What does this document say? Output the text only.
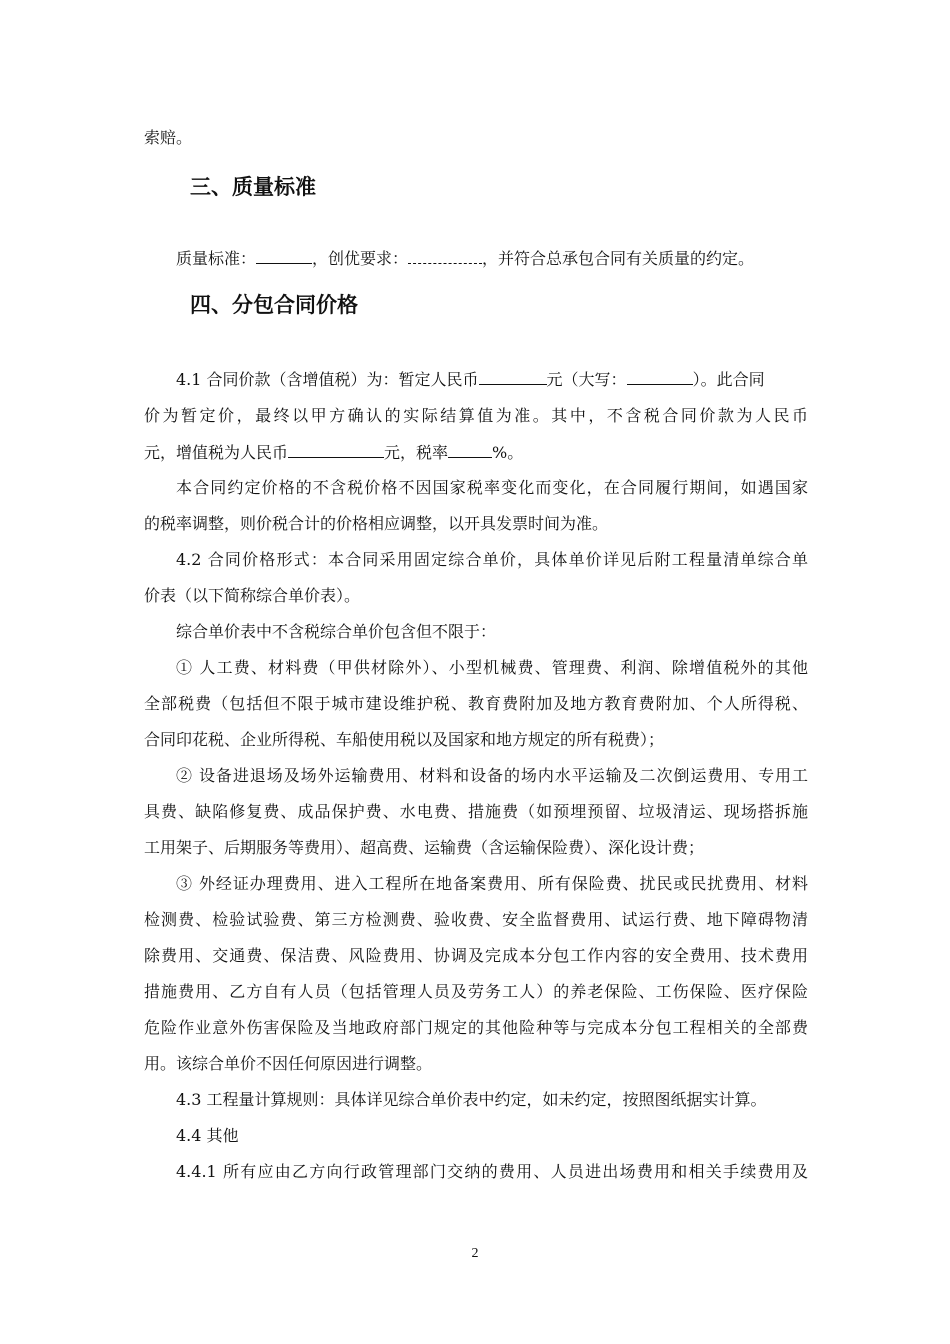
索赔。
三、质量标准
质量标准：	，创优要求：	，并符合总承包合同有关质量的约定。
四、分包合同价格
4.1 合同价款（含增值税）为：暂定人民币	元（大写：	）。此合同
价为暂定价，最终以甲方确认的实际结算值为准。其中，不含税合同价款为人民币
元，增值税为人民币	元，税率	%。
本合同约定价格的不含税价格不因国家税率变化而变化，在合同履行期间，如遇国家
的税率调整，则价税合计的价格相应调整，以开具发票时间为准。
4.2 合同价格形式：本合同采用固定综合单价，具体单价详见后附工程量清单综合单
价表（以下简称综合单价表）。
综合单价表中不含税综合单价包含但不限于：
① 人工费、材料费（甲供材除外）、小型机械费、管理费、利润、除增值税外的其他
全部税费（包括但不限于城市建设维护税、教育费附加及地方教育费附加、个人所得税、
合同印花税、企业所得税、车船使用税以及国家和地方规定的所有税费）；
② 设备进退场及场外运输费用、材料和设备的场内水平运输及二次倒运费用、专用工
具费、缺陷修复费、成品保护费、水电费、措施费（如预埋预留、垃圾清运、现场搭拆施
工用架子、后期服务等费用）、超高费、运输费（含运输保险费）、深化设计费；
③ 外经证办理费用、进入工程所在地备案费用、所有保险费、扰民或民扰费用、材料
检测费、检验试验费、第三方检测费、验收费、安全监督费用、试运行费、地下障碍物清
除费用、交通费、保洁费、风险费用、协调及完成本分包工作内容的安全费用、技术费用
措施费用、乙方自有人员（包括管理人员及劳务工人）的养老保险、工伤保险、医疗保险
危险作业意外伤害保险及当地政府部门规定的其他险种等与完成本分包工程相关的全部费
用。该综合单价不因任何原因进行调整。
4.3 工程量计算规则：具体详见综合单价表中约定，如未约定，按照图纸据实计算。
4.4 其他
4.4.1 所有应由乙方向行政管理部门交纳的费用、人员进出场费用和相关手续费用及
2
